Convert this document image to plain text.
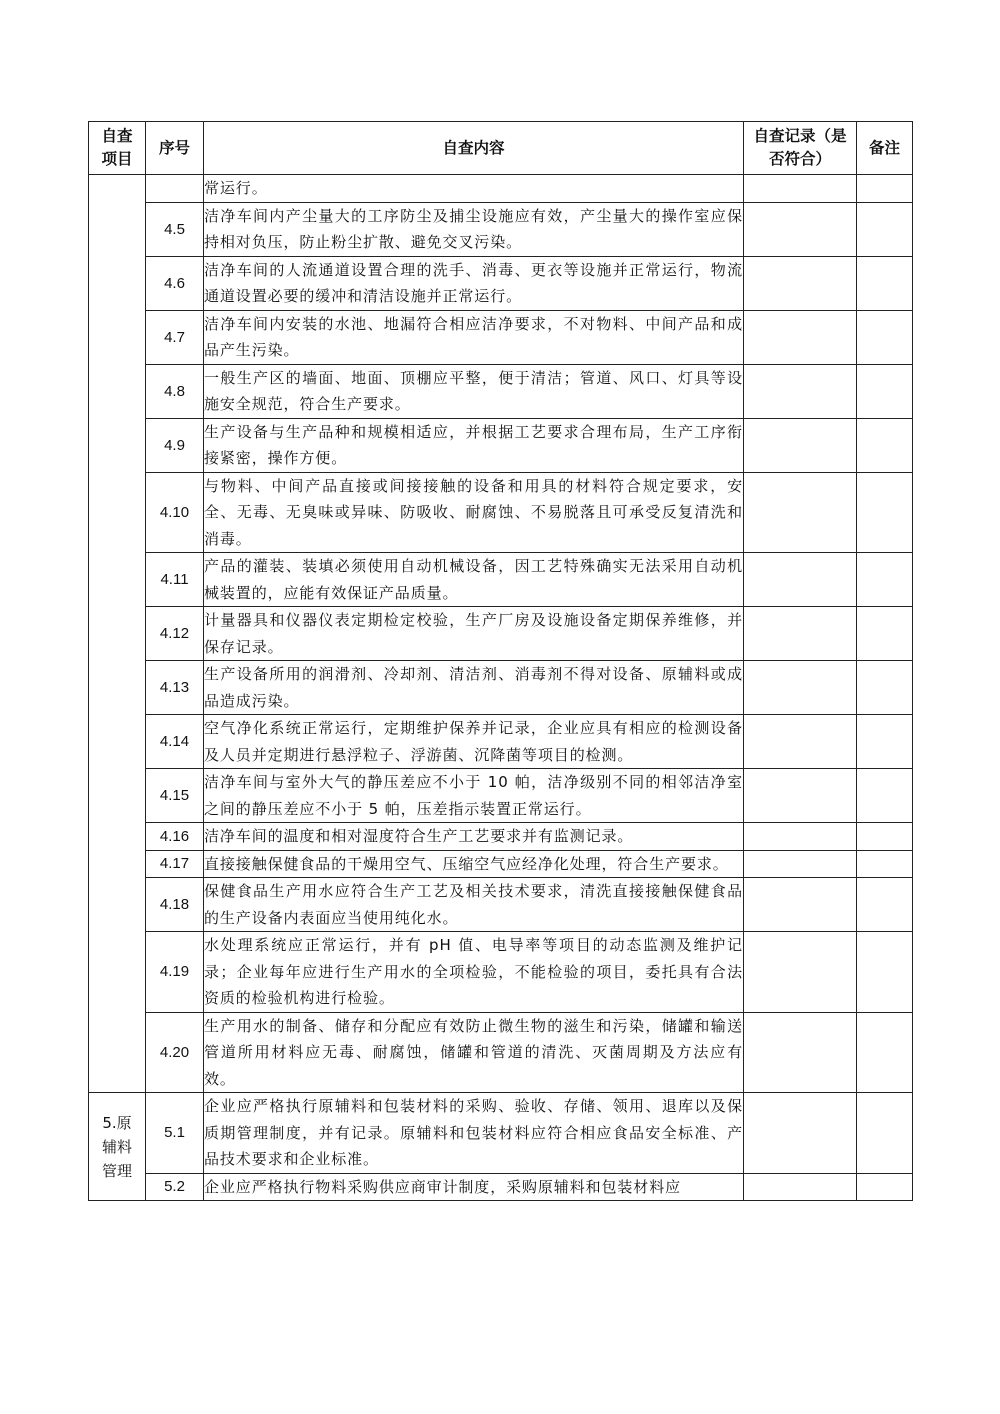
自查项目	序号	自查内容	自查记录（是否符合）	备注
		常运行。		
	4.5	洁净车间内产尘量大的工序防尘及捕尘设施应有效，产尘量大的操作室应保持相对负压，防止粉尘扩散、避免交叉污染。		
	4.6	洁净车间的人流通道设置合理的洗手、消毒、更衣等设施并正常运行，物流通道设置必要的缓冲和清洁设施并正常运行。		
	4.7	洁净车间内安装的水池、地漏符合相应洁净要求，不对物料、中间产品和成品产生污染。		
	4.8	一般生产区的墙面、地面、顶棚应平整，便于清洁；管道、风口、灯具等设施安全规范，符合生产要求。		
	4.9	生产设备与生产品种和规模相适应，并根据工艺要求合理布局，生产工序衔接紧密，操作方便。		
	4.10	与物料、中间产品直接或间接接触的设备和用具的材料符合规定要求，安全、无毒、无臭味或异味、防吸收、耐腐蚀、不易脱落且可承受反复清洗和消毒。		
	4.11	产品的灌装、装填必须使用自动机械设备，因工艺特殊确实无法采用自动机械装置的，应能有效保证产品质量。		
	4.12	计量器具和仪器仪表定期检定校验，生产厂房及设施设备定期保养维修，并保存记录。		
	4.13	生产设备所用的润滑剂、冷却剂、清洁剂、消毒剂不得对设备、原辅料或成品造成污染。		
	4.14	空气净化系统正常运行，定期维护保养并记录，企业应具有相应的检测设备及人员并定期进行悬浮粒子、浮游菌、沉降菌等项目的检测。		
	4.15	洁净车间与室外大气的静压差应不小于 10 帕，洁净级别不同的相邻洁净室之间的静压差应不小于 5 帕，压差指示装置正常运行。		
	4.16	洁净车间的温度和相对湿度符合生产工艺要求并有监测记录。		
	4.17	直接接触保健食品的干燥用空气、压缩空气应经净化处理，符合生产要求。		
	4.18	保健食品生产用水应符合生产工艺及相关技术要求，清洗直接接触保健食品的生产设备内表面应当使用纯化水。		
	4.19	水处理系统应正常运行，并有 pH 值、电导率等项目的动态监测及维护记录；企业每年应进行生产用水的全项检验，不能检验的项目，委托具有合法资质的检验机构进行检验。		
	4.20	生产用水的制备、储存和分配应有效防止微生物的滋生和污染，储罐和输送管道所用材料应无毒、耐腐蚀，储罐和管道的清洗、灭菌周期及方法应有效。		
5.原辅料管理	5.1	企业应严格执行原辅料和包装材料的采购、验收、存储、领用、退库以及保质期管理制度，并有记录。原辅料和包装材料应符合相应食品安全标准、产品技术要求和企业标准。		
	5.2	企业应严格执行物料采购供应商审计制度，采购原辅料和包装材料应		
